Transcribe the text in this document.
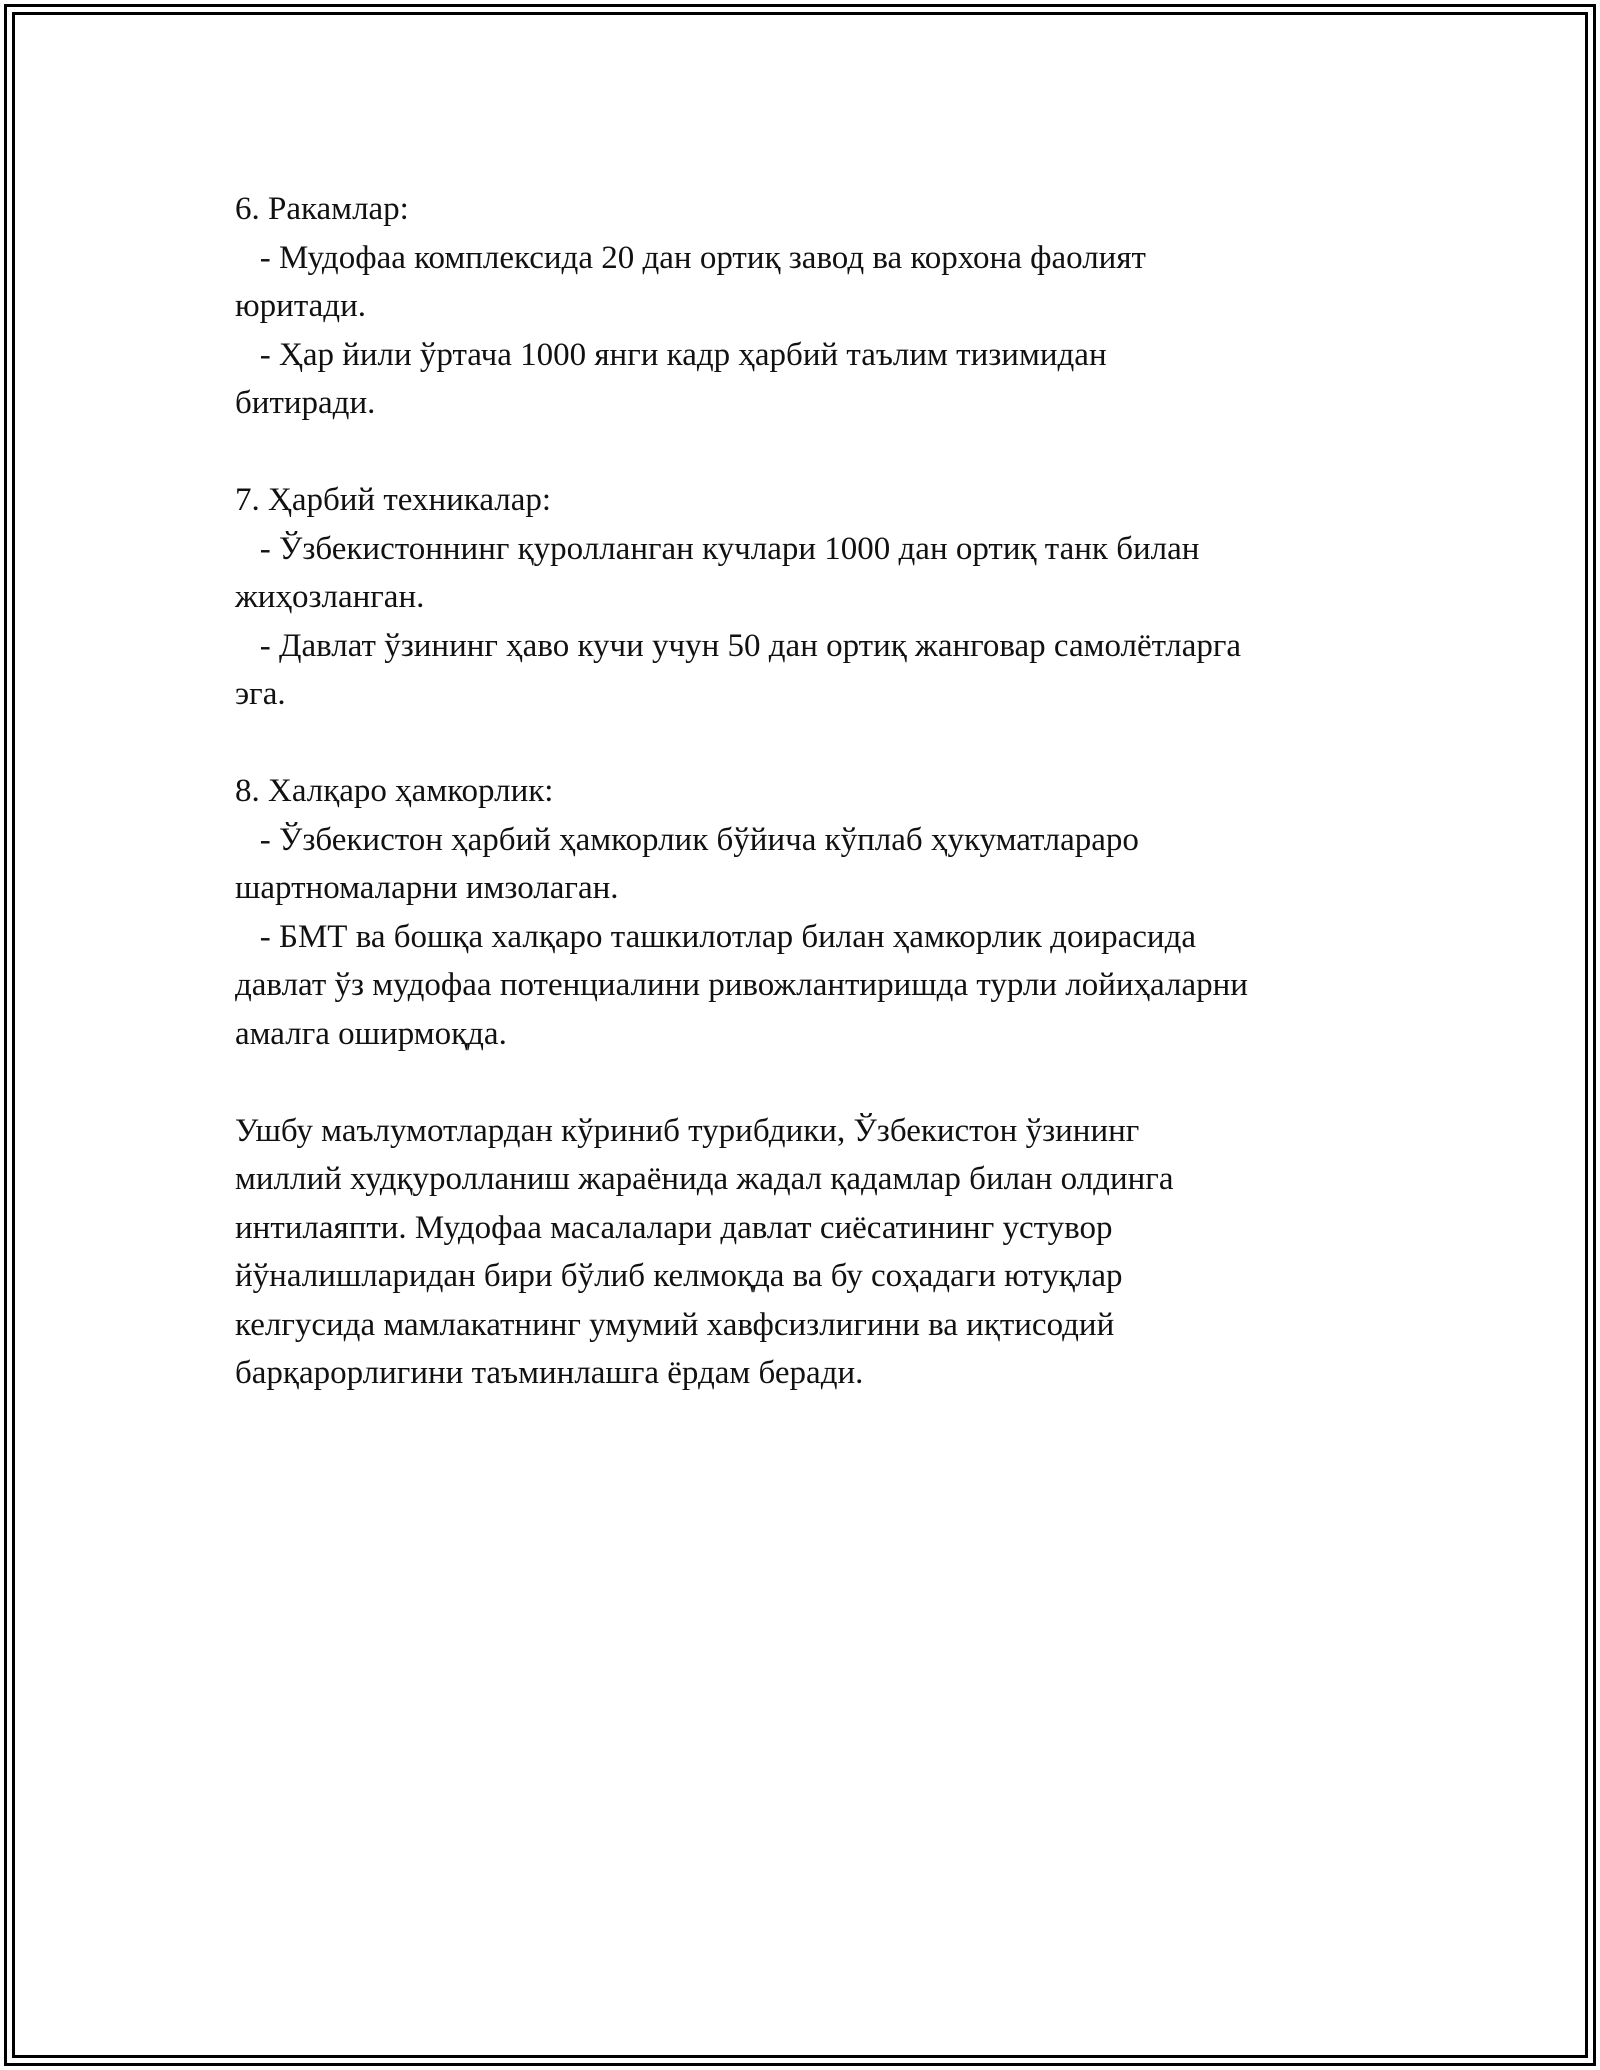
6. Ракамлар:

- Мудофаа комплексида 20 дан ортиқ завод ва корхона фаолият

юритади.

- Ҳар йили ўртача 1000 янги кадр ҳарбий таълим тизимидан

битиради.

7. Ҳарбий техникалар:

- Ўзбекистоннинг қуролланган кучлари 1000 дан ортиқ танк билан

жиҳозланган.

- Давлат ўзининг ҳаво кучи учун 50 дан ортиқ жанговар самолётларга

эга.

8. Халқаро ҳамкорлик:

- Ўзбекистон ҳарбий ҳамкорлик бўйича кўплаб ҳукуматлараро

шартномаларни имзолаган.

- БМТ ва бошқа халқаро ташкилотлар билан ҳамкорлик доирасида

давлат ўз мудофаа потенциалини ривожлантиришда турли лойиҳаларни

амалга оширмоқда.

Ушбу маълумотлардан кўриниб турибдики, Ўзбекистон ўзининг

миллий худқуролланиш жараёнида жадал қадамлар билан олдинга

интилаяпти. Мудофаа масалалари давлат сиёсатининг устувор

йўналишларидан бири бўлиб келмоқда ва бу соҳадаги ютуқлар

келгусида мамлакатнинг умумий хавфсизлигини ва иқтисодий

барқарорлигини таъминлашга ёрдам беради.
